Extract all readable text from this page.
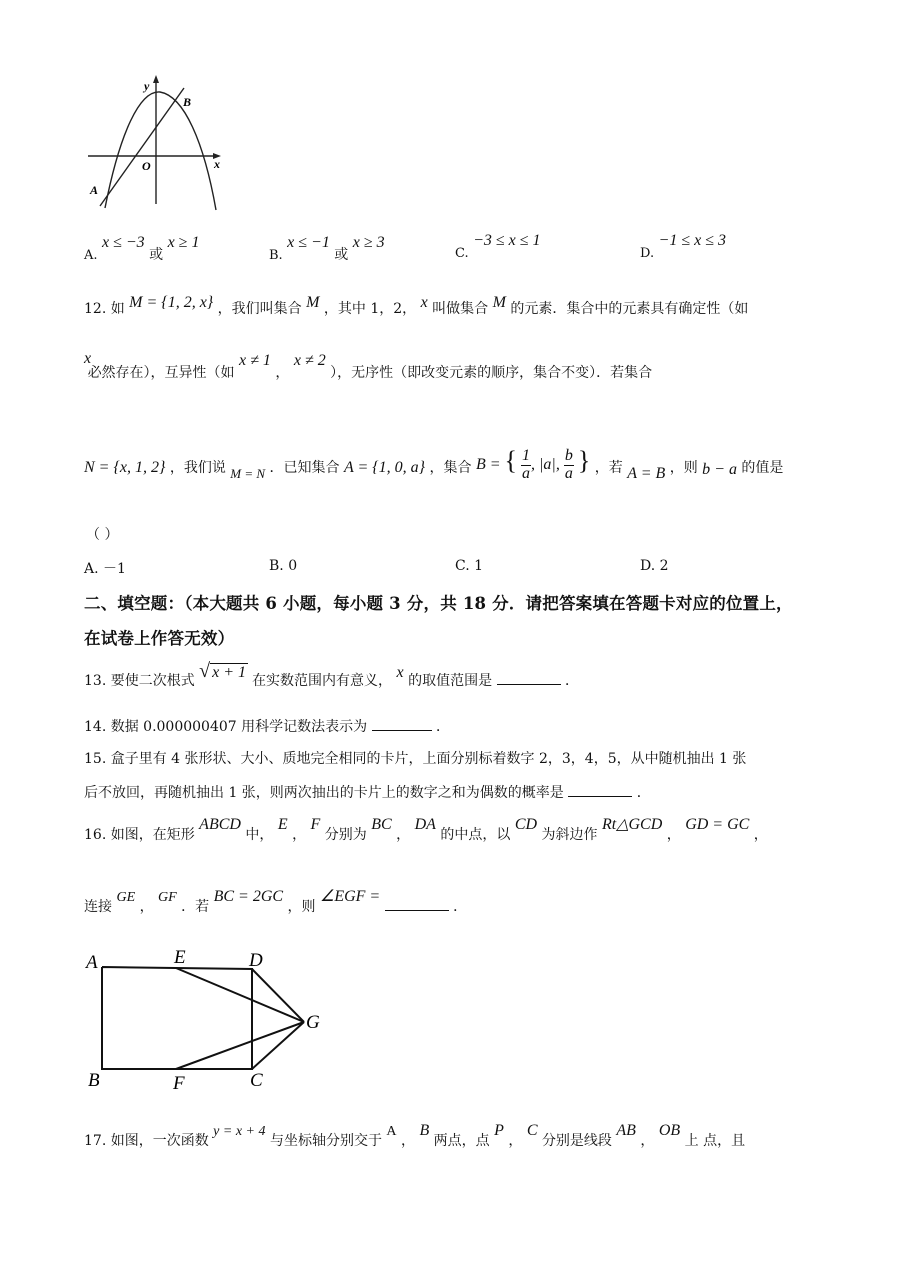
y
x
O
A
B
A. x ≤ −3 或 x ≥ 1
B. x ≤ −1 或 x ≥ 3
C. −3 ≤ x ≤ 1
D. −1 ≤ x ≤ 3
12. 如 M = {1, 2, x} ，我们叫集合 M ，其中 1，2， x 叫做集合 M 的元素．集合中的元素具有确定性（如
x 必然存在），互异性（如 x ≠ 1 ， x ≠ 2 ），无序性（即改变元素的顺序，集合不变）．若集合
N = {x, 1, 2} ，我们说 M = N ．已知集合 A = {1, 0, a} ，集合 B = { $\frac{1}{a}$ , |a|, $\frac{b}{a}$ } ，若 A = B ，则 b − a 的值是
（ ）
A. －1	B. 0	C. 1	D. 2
二、填空题：（本大题共 6 小题，每小题 3 分，共 18 分．请把答案填在答题卡对应的位置上，
在试卷上作答无效）
13. 要使二次根式 √ x + 1 在实数范围内有意义， x 的取值范围是	．
14. 数据 0.000000407 用科学记数法表示为	．
15. 盒子里有 4 张形状、大小、质地完全相同的卡片，上面分别标着数字 2，3，4，5，从中随机抽出 1 张
后不放回，再随机抽出 1 张，则两次抽出的卡片上的数字之和为偶数的概率是	．
16. 如图，在矩形 ABCD 中， E ， F 分别为 BC ， DA 的中点，以 CD 为斜边作 Rt△GCD ， GD = GC ，
连接 GE ， GF ．若 BC = 2GC ，则 ∠EGF =  ．
A	E	D
G
B	F	C
17. 如图，一次函数 y = x + 4 与坐标轴分别交于 A ， B 两点，点 P ， C 分别是线段 AB ， OB 上 点，且
